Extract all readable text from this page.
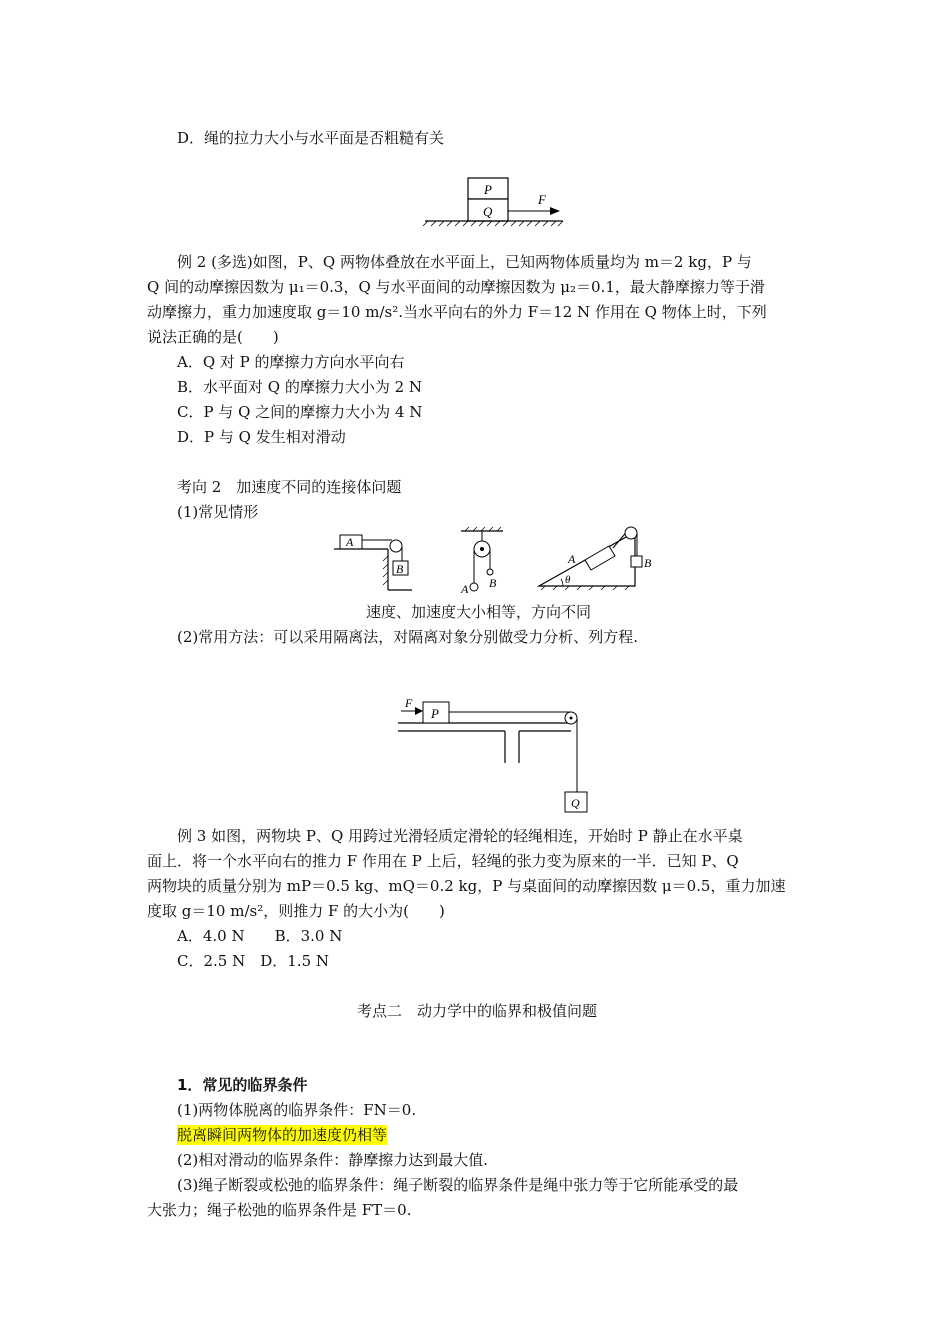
D．绳的拉力大小与水平面是否粗糙有关
P
Q
F
例 2 (多选)如图，P、Q 两物体叠放在水平面上，已知两物体质量均为 m＝2 kg，P 与
Q 间的动摩擦因数为 μ₁＝0.3，Q 与水平面间的动摩擦因数为 μ₂＝0.1，最大静摩擦力等于滑
动摩擦力，重力加速度取 g＝10 m/s².当水平向右的外力 F＝12 N 作用在 Q 物体上时，下列
说法正确的是(　　)
A．Q 对 P 的摩擦力方向水平向右
B．水平面对 Q 的摩擦力大小为 2 N
C．P 与 Q 之间的摩擦力大小为 4 N
D．P 与 Q 发生相对滑动
考向 2　加速度不同的连接体问题
(1)常见情形
A
B
A B
A	B
θ
速度、加速度大小相等，方向不同
(2)常用方法：可以采用隔离法，对隔离对象分别做受力分析、列方程.
F
P
Q
例 3 如图，两物块 P、Q 用跨过光滑轻质定滑轮的轻绳相连，开始时 P 静止在水平桌
面上．将一个水平向右的推力 F 作用在 P 上后，轻绳的张力变为原来的一半．已知 P、Q
两物块的质量分别为 mP＝0.5 kg、mQ＝0.2 kg，P 与桌面间的动摩擦因数 μ＝0.5，重力加速
度取 g＝10 m/s²，则推力 F 的大小为(　　)
A．4.0 N　　B．3.0 N
C．2.5 N　D．1.5 N
考点二　动力学中的临界和极值问题
1．常见的临界条件
(1)两物体脱离的临界条件：FN＝0.
脱离瞬间两物体的加速度仍相等
(2)相对滑动的临界条件：静摩擦力达到最大值.
(3)绳子断裂或松弛的临界条件：绳子断裂的临界条件是绳中张力等于它所能承受的最
大张力；绳子松弛的临界条件是 FT＝0.
